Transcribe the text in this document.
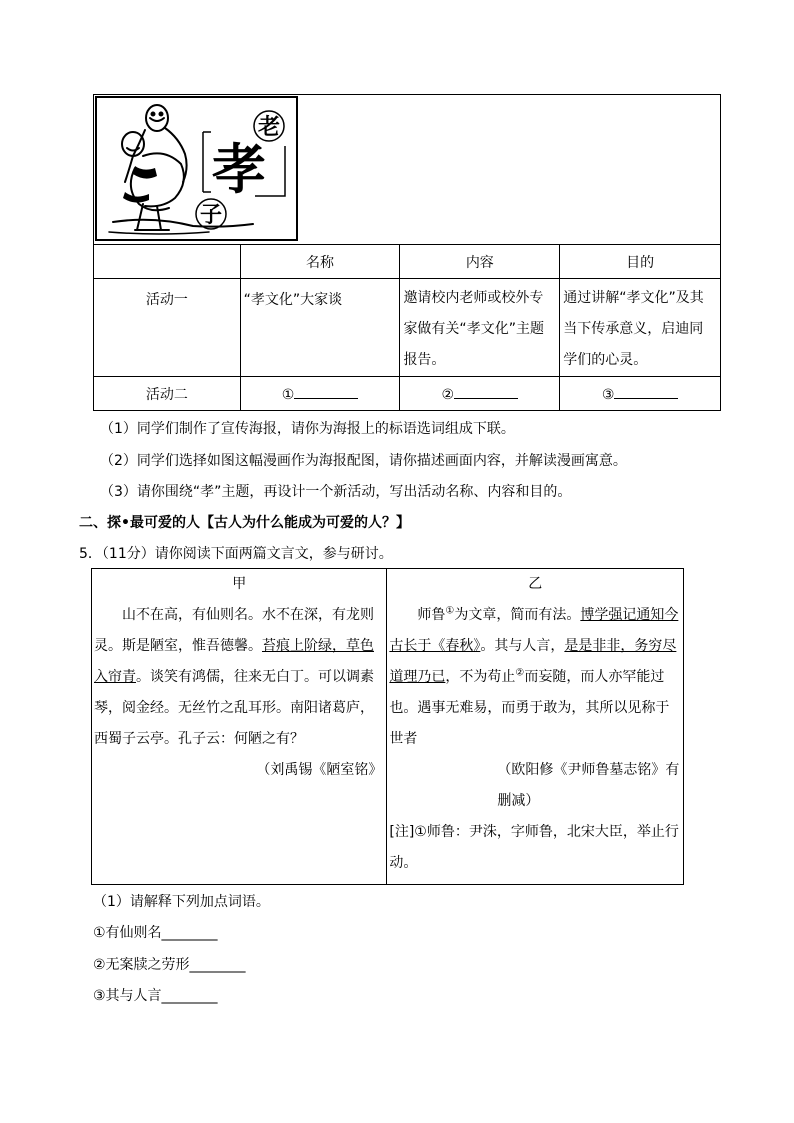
孝
老
子			

	名称	内容	目的
活动一	“孝文化”大家谈	邀请校内老师或校外专家做有关“孝文化”主题报告。	通过讲解“孝文化”及其当下传承意义，启迪同学们的心灵。

活动二	①	②	③
（1）同学们制作了宣传海报，请你为海报上的标语选词组成下联。
（2）同学们选择如图这幅漫画作为海报配图，请你描述画面内容，并解读漫画寓意。
（3）请你围绕“孝”主题，再设计一个新活动，写出活动名称、内容和目的。
二、探•最可爱的人【古人为什么能成为可爱的人？】
5．（11分）请你阅读下面两篇文言文，参与研讨。
甲
山不在高，有仙则名。水不在深，有龙则灵。斯是陋室，惟吾德馨。苔痕上阶绿，草色入帘青。谈笑有鸿儒，往来无白丁。可以调素琴，阅金经。无丝竹之乱耳形。南阳诸葛庐，西蜀子云亭。孔子云：何陋之有？
（刘禹锡《陋室铭》

乙
师鲁①为文章，简而有法。博学强记通知今古长于《春秋》。其与人言，是是非非，务穷尽道理乃已，不为苟止②而妄随，而人亦罕能过也。遇事无难易，而勇于敢为，其所以见称于世者
（欧阳修《尹师鲁墓志铭》有删减）
[注]①师鲁：尹洙，字师鲁，北宋大臣，举止行动。
（1）请解释下列加点词语。
①有仙则名________
②无案牍之劳形________
③其与人言________
